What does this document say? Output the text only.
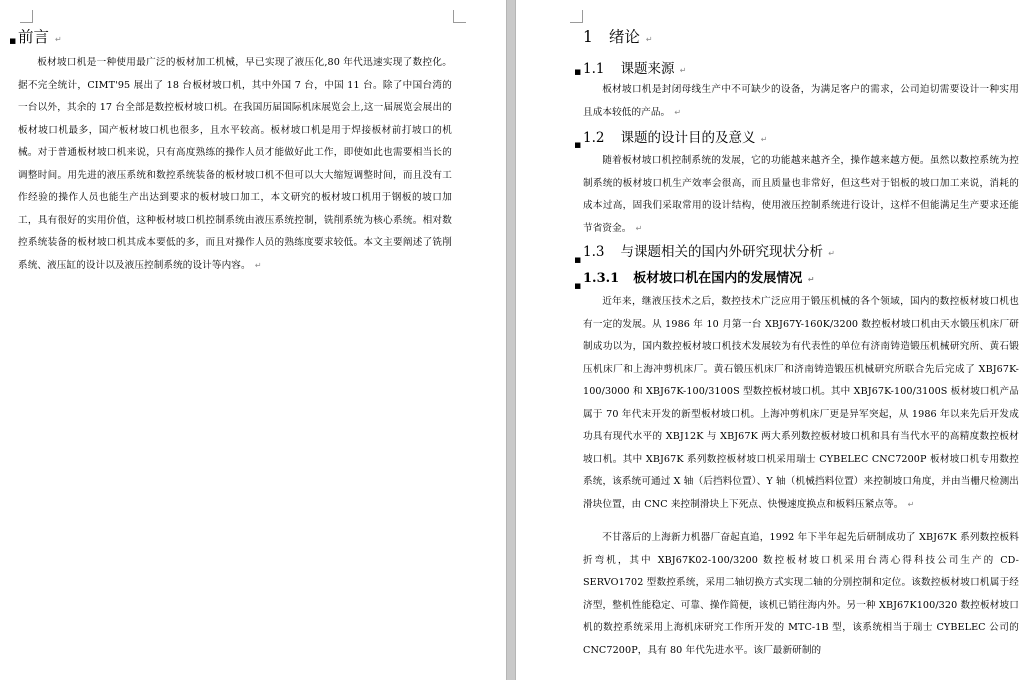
▪ 前言 ↵
板材坡口机是一种使用最广泛的板材加工机械，早已实现了液压化,80 年代迅速实现了数控化。据不完全统计，CIMT'95 展出了 18 台板材坡口机，其中外国 7 台，中国 11 台。除了中国台湾的一台以外，其余的 17 台全部是数控板材坡口机。在我国历届国际机床展览会上,这一届展览会展出的板材坡口机最多，国产板材坡口机也很多，且水平较高。板材坡口机是用于焊接板材前打坡口的机械。对于普通板材坡口机来说，只有高度熟练的操作人员才能做好此工作，即使如此也需要相当长的调整时间。用先进的液压系统和数控系统装备的板材坡口机不但可以大大缩短调整时间，而且没有工作经验的操作人员也能生产出达到要求的板材坡口加工，本文研究的板材坡口机用于钢板的坡口加工，具有很好的实用价值，这种板材坡口机控制系统由液压系统控制，铣削系统为核心系统。相对数控系统装备的板材坡口机其成本要低的多，而且对操作人员的熟练度要求较低。本文主要阐述了铣削系统、液压缸的设计以及液压控制系统的设计等内容。 ↵
1 绪论 ↵
▪ 1.1 课题来源 ↵
板材坡口机是封闭母线生产中不可缺少的设备，为满足客户的需求，公司迫切需要设计一种实用且成本较低的产品。 ↵
▪ 1.2 课题的设计目的及意义 ↵
随着板材坡口机控制系统的发展，它的功能越来越齐全，操作越来越方便。虽然以数控系统为控制系统的板材坡口机生产效率会很高，而且质量也非常好，但这些对于铝板的坡口加工来说，消耗的成本过高，固我们采取常用的设计结构，使用液压控制系统进行设计，这样不但能满足生产要求还能节省资金。 ↵
▪ 1.3 与课题相关的国内外研究现状分析 ↵
▪ 1.3.1 板材坡口机在国内的发展情况 ↵
近年来，继液压技术之后，数控技术广泛应用于锻压机械的各个领域，国内的数控板材坡口机也有一定的发展。从 1986 年 10 月第一台 XBJ67Y-160K/3200 数控板材坡口机由天水锻压机床厂研制成功以为，国内数控板材坡口机技术发展较为有代表性的单位有济南铸造锻压机械研究所、黄石锻压机床厂和上海冲剪机床厂。黄石锻压机床厂和济南铸造锻压机械研究所联合先后完成了 XBJ67K-100/3000 和 XBJ67K-100/3100S 型数控板材坡口机。其中 XBJ67K-100/3100S 板材坡口机产品属于 70 年代末开发的新型板材坡口机。上海冲剪机床厂更是异军突起，从 1986 年以来先后开发成功具有现代水平的 XBJ12K 与 XBJ67K 两大系列数控板材坡口机和具有当代水平的高精度数控板材坡口机。其中 XBJ67K 系列数控板材坡口机采用瑞士 CYBELEC CNC7200P 板材坡口机专用数控系统，该系统可通过 X 轴（后挡料位置）、Y 轴（机械挡料位置）来控制坡口角度，并由当栅尺检测出滑块位置，由 CNC 来控制滑块上下死点、快慢速度换点和板料压紧点等。 ↵
不甘落后的上海新力机器厂奋起直追，1992 年下半年起先后研制成功了 XBJ67K 系列数控板料折弯机，其中 XBJ67K02-100/3200 数控板材坡口机采用台湾心得科技公司生产的 CD-SERVO1702 型数控系统，采用二轴切换方式实现二轴的分别控制和定位。该数控板材坡口机属于经济型，整机性能稳定、可靠、操作简便，该机已销往海内外。另一种 XBJ67K100/320 数控板材坡口机的数控系统采用上海机床研究工作所开发的 MTC-1B 型，该系统相当于瑞士 CYBELEC 公司的 CNC7200P，具有 80 年代先进水平。该厂最新研制的
